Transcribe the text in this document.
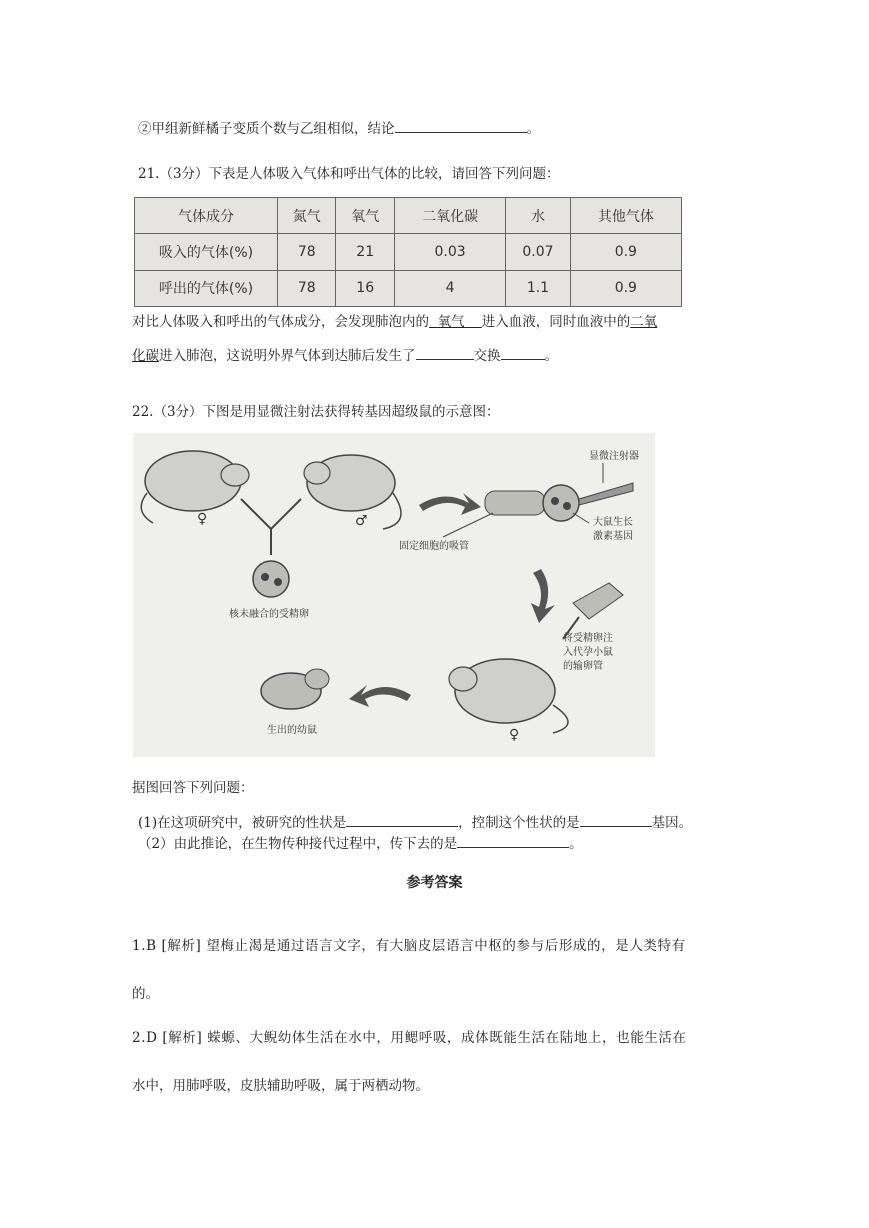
②甲组新鲜橘子变质个数与乙组相似，结论	。
21.（3分）下表是人体吸入气体和呼出气体的比较，请回答下列问题：
气体成分	氮气	氧气	二氧化碳	水	其他气体
吸入的气体(%)	78	21	0.03	0.07	0.9
呼出的气体(%)	78	16	4	1.1	0.9
对比人体吸入和呼出的气体成分，会发现肺泡内的 氧气 进入血液，同时血液中的二氧
化碳进入肺泡，这说明外界气体到达肺后发生了	交换	。
22.（3分）下图是用显微注射法获得转基因超级鼠的示意图：
♀	♂
核未融合的受精卵
显微注射器
大鼠生长
激素基因
固定细胞的吸管
将受精卵注
入代孕小鼠
的输卵管
♀
生出的幼鼠
据图回答下列问题：
(1)在这项研究中，被研究的性状是	，控制这个性状的是	基因。
（2）由此推论，在生物传种接代过程中，传下去的是	。
参考答案
1.B [解析] 望梅止渴是通过语言文字，有大脑皮层语言中枢的参与后形成的，是人类特有
的。
2.D [解析] 蝾螈、大鲵幼体生活在水中，用鳃呼吸，成体既能生活在陆地上，也能生活在
水中，用肺呼吸，皮肤辅助呼吸，属于两栖动物。
